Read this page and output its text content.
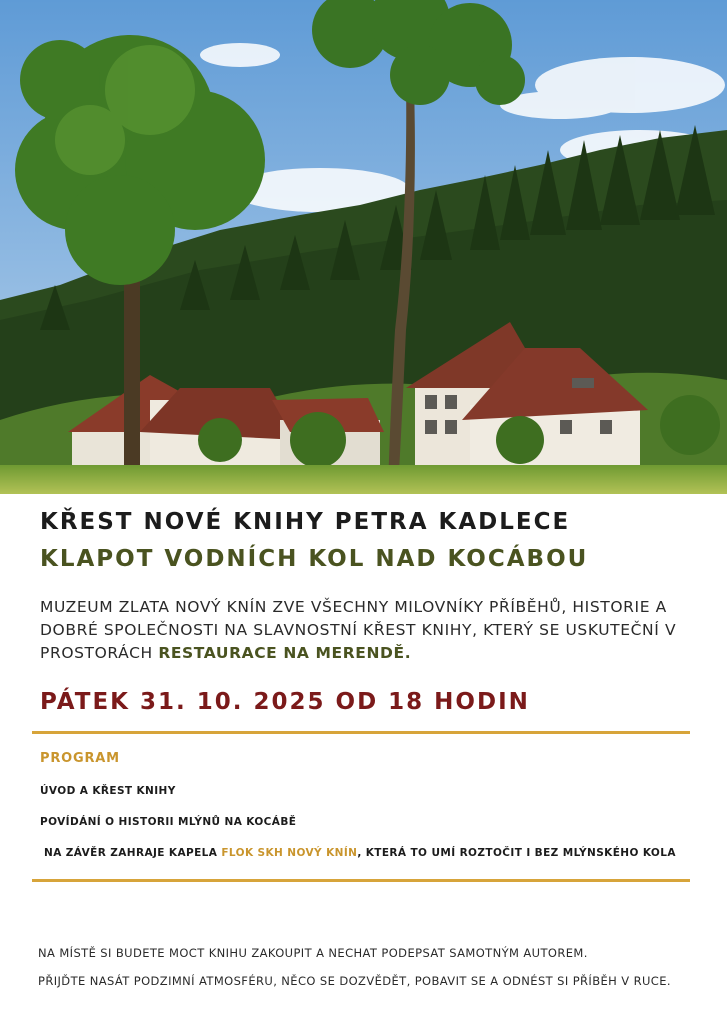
KŘEST NOVÉ KNIHY PETRA KADLECE
KLAPOT VODNÍCH KOL NAD KOCÁBOU
MUZEUM ZLATA NOVÝ KNÍN ZVE VŠECHNY MILOVNÍKY PŘÍBĚHŮ, HISTORIE A DOBRÉ SPOLEČNOSTI NA SLAVNOSTNÍ KŘEST KNIHY, KTERÝ SE USKUTEČNÍ V PROSTORÁCH RESTAURACE NA MERENDĚ.
PÁTEK 31. 10. 2025 OD 18 HODIN
PROGRAM
ÚVOD A KŘEST KNIHY
POVÍDÁNÍ O HISTORII MLÝNŮ NA KOCÁBĚ
NA ZÁVĚR ZAHRAJE KAPELA FLOK SKH NOVÝ KNÍN, KTERÁ TO UMÍ ROZTOČIT I BEZ MLÝNSKÉHO KOLA
NA MÍSTĚ SI BUDETE MOCT KNIHU ZAKOUPIT A NECHAT PODEPSAT SAMOTNÝM AUTOREM.
PŘIJĎTE NASÁT PODZIMNÍ ATMOSFÉRU, NĚCO SE DOZVĚDĚT, POBAVIT SE A ODNÉST SI PŘÍBĚH V RUCE.
